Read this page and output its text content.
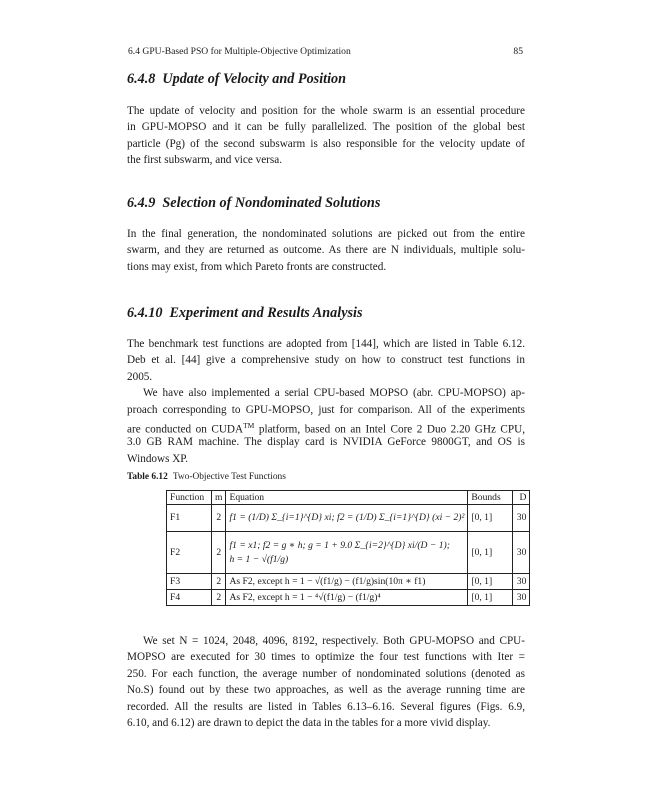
6.4 GPU-Based PSO for Multiple-Objective Optimization	85
6.4.8 Update of Velocity and Position
The update of velocity and position for the whole swarm is an essential procedure
in GPU-MOPSO and it can be fully parallelized. The position of the global best
particle (Pg) of the second subswarm is also responsible for the velocity update of
the first subswarm, and vice versa.
6.4.9 Selection of Nondominated Solutions
In the final generation, the nondominated solutions are picked out from the entire
swarm, and they are returned as outcome. As there are N individuals, multiple solu-
tions may exist, from which Pareto fronts are constructed.
6.4.10 Experiment and Results Analysis
The benchmark test functions are adopted from [144], which are listed in Table 6.12.
Deb et al. [44] give a comprehensive study on how to construct test functions in
2005.
We have also implemented a serial CPU-based MOPSO (abr. CPU-MOPSO) ap-
proach corresponding to GPU-MOPSO, just for comparison. All of the experiments
are conducted on CUDA™ platform, based on an Intel Core 2 Duo 2.20 GHz CPU,
3.0 GB RAM machine. The display card is NVIDIA GeForce 9800GT, and OS is
Windows XP.
Table 6.12 Two-Objective Test Functions
Function	m	Equation	Bounds	D
F1	2	f1 = (1/D) Σ_{i=1}^{D} xi; f2 = (1/D) Σ_{i=1}^{D} (xi − 2)²	[0, 1]	30
F2	2	f1 = x1; f2 = g ∗ h; g = 1 + 9.0 Σ_{i=2}^{D} xi/(D − 1);
h = 1 − √(f1/g)	[0, 1]	30
F3	2	As F2, except h = 1 − √(f1/g) − (f1/g)sin(10π ∗ f1)	[0, 1]	30
F4	2	As F2, except h = 1 − ⁴√(f1/g) − (f1/g)⁴	[0, 1]	30
We set N = 1024, 2048, 4096, 8192, respectively. Both GPU-MOPSO and CPU-
MOPSO are executed for 30 times to optimize the four test functions with Iter =
250. For each function, the average number of nondominated solutions (denoted as
No.S) found out by these two approaches, as well as the average running time are
recorded. All the results are listed in Tables 6.13–6.16. Several figures (Figs. 6.9,
6.10, and 6.12) are drawn to depict the data in the tables for a more vivid display.
